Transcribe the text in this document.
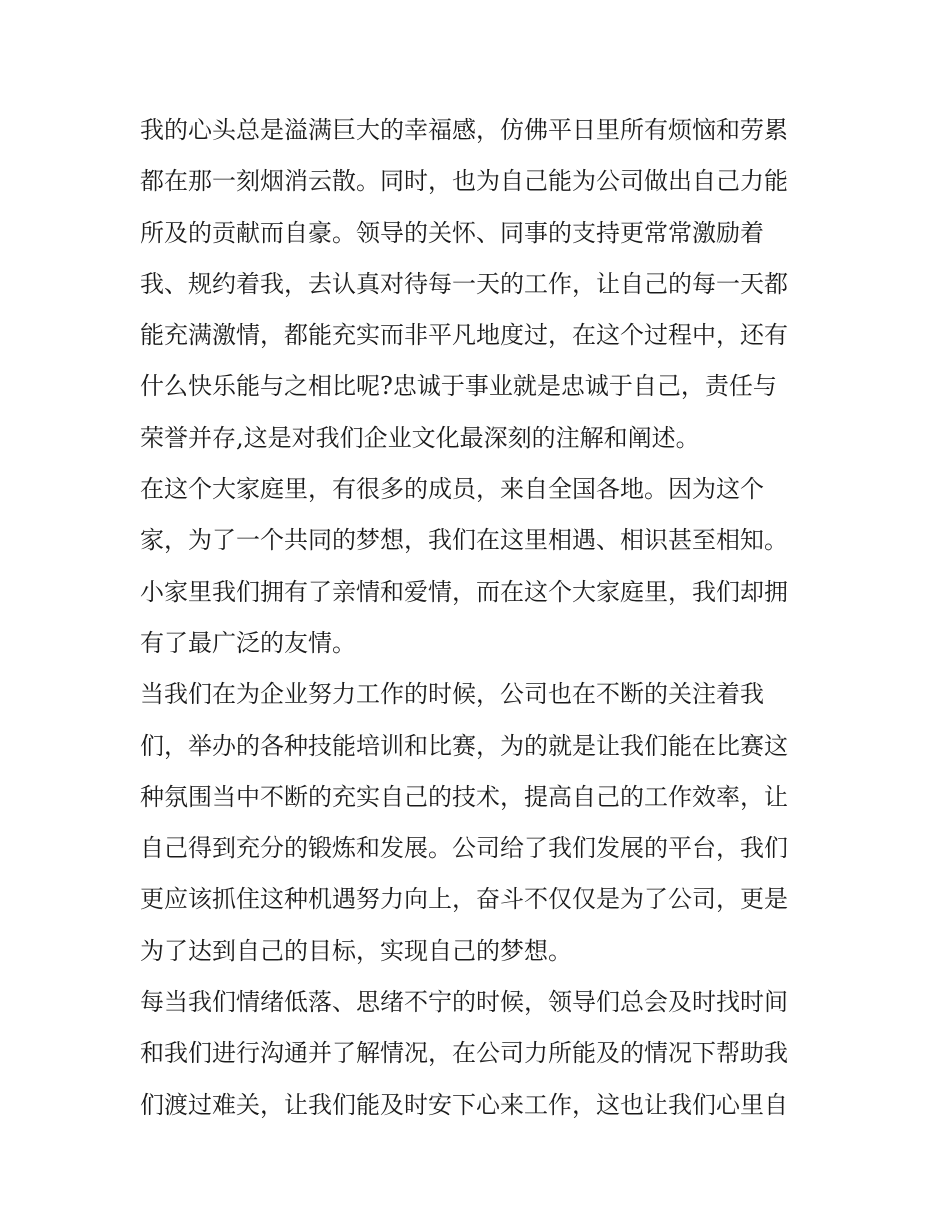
我的心头总是溢满巨大的幸福感，仿佛平日里所有烦恼和劳累
都在那一刻烟消云散。同时，也为自己能为公司做出自己力能
所及的贡献而自豪。领导的关怀、同事的支持更常常激励着
我、规约着我，去认真对待每一天的工作，让自己的每一天都
能充满激情，都能充实而非平凡地度过，在这个过程中，还有
什么快乐能与之相比呢?忠诚于事业就是忠诚于自己，责任与
荣誉并存,这是对我们企业文化最深刻的注解和阐述。

在这个大家庭里，有很多的成员，来自全国各地。因为这个
家，为了一个共同的梦想，我们在这里相遇、相识甚至相知。
小家里我们拥有了亲情和爱情，而在这个大家庭里，我们却拥
有了最广泛的友情。

当我们在为企业努力工作的时候，公司也在不断的关注着我
们，举办的各种技能培训和比赛，为的就是让我们能在比赛这
种氛围当中不断的充实自己的技术，提高自己的工作效率，让
自己得到充分的锻炼和发展。公司给了我们发展的平台，我们
更应该抓住这种机遇努力向上，奋斗不仅仅是为了公司，更是
为了达到自己的目标，实现自己的梦想。

每当我们情绪低落、思绪不宁的时候，领导们总会及时找时间
和我们进行沟通并了解情况，在公司力所能及的情况下帮助我
们渡过难关，让我们能及时安下心来工作，这也让我们心里自
